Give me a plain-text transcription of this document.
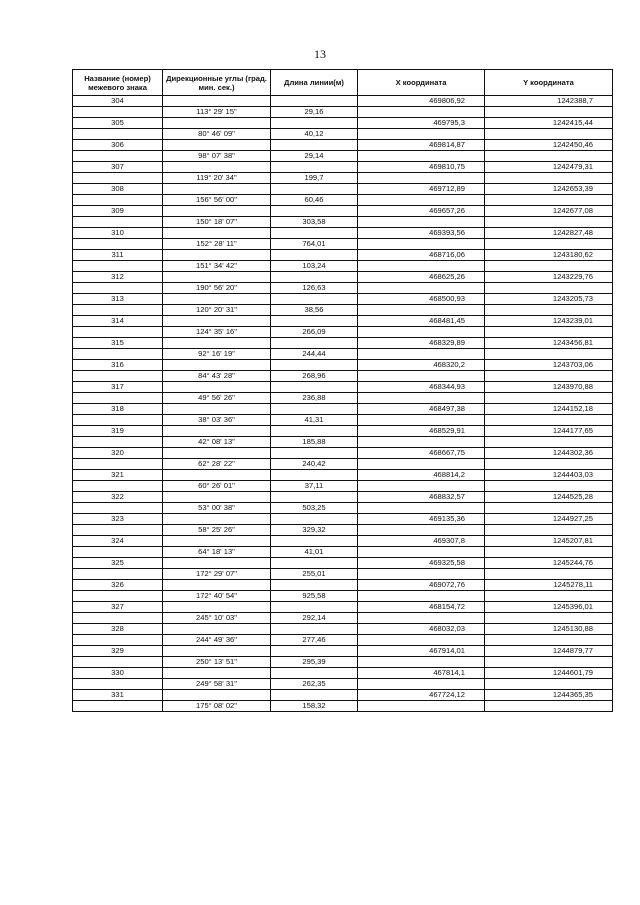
13
Название (номер) межевого знака	Дирекционные углы (град. мин. сек.)	Длина линии(м)	X координата	Y координата
304			469806,92	1242388,7
	113° 29' 15"	29,16		
305			469795,3	1242415,44
	80° 46' 09"	40,12		
306			469814,87	1242450,46
	98° 07' 38"	29,14		
307			469810,75	1242479,31
	119° 20' 34"	199,7		
308			469712,89	1242653,39
	156° 56' 00"	60,46		
309			469657,26	1242677,08
	150° 18' 07"	303,58		
310			469393,56	1242827,48
	152° 28' 11"	764,01		
311			468716,06	1243180,62
	151° 34' 42"	103,24		
312			468625,26	1243229,76
	190° 56' 20"	126,63		
313			468500,93	1243205,73
	120° 20' 31"	38,56		
314			468481,45	1243239,01
	124° 35' 16"	266,09		
315			468329,89	1243456,81
	92° 16' 19"	244,44		
316			468320,2	1243703,06
	84° 43' 28"	268,96		
317			468344,93	1243970,88
	49° 56' 26"	236,88		
318			468497,38	1244152,18
	38° 03' 36"	41,31		
319			468529,91	1244177,65
	42° 08' 13"	185,88		
320			468667,75	1244302,36
	62° 28' 22"	240,42		
321			468814,2	1244403,03
	60° 26' 01"	37,11		
322			468832,57	1244525,28
	53° 00' 38"	503,25		
323			469135,36	1244927,25
	58° 25' 26"	329,32		
324			469307,8	1245207,81
	64° 18' 13"	41,01		
325			469325,58	1245244,76
	172° 29' 07"	255,01		
326			469072,76	1245278,11
	172° 40' 54"	925,58		
327			468154,72	1245396,01
	245° 10' 03"	292,14		
328			468032,03	1245130,88
	244° 49' 36"	277,46		
329			467914,01	1244879,77
	250° 13' 51"	295,39		
330			467814,1	1244601,79
	249° 58' 31"	262,35		
331			467724,12	1244365,35
	175° 08' 02"	158,32		
